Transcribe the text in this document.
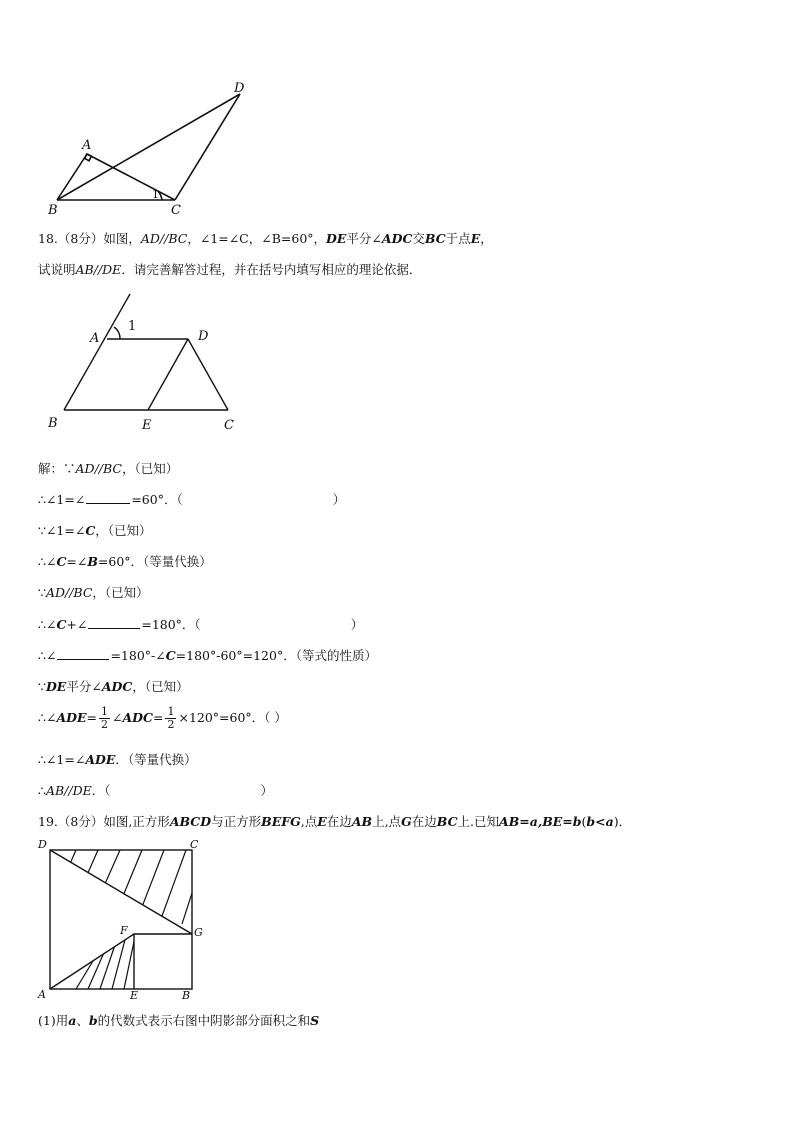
D
A
1
B	C
18.（8分）如图，AD//BC，∠1=∠C，∠B=60°，DE平分∠ADC交BC于点E，
试说明AB//DE．请完善解答过程，并在括号内填写相应的理论依据．
1
A	D
B	E	C
解：∵AD//BC，（已知）
∴∠1=∠	=60°．（	）
∵∠1=∠C，（已知）
∴∠C=∠B=60°．（等量代换）
∵AD//BC，（已知）
∴∠C+∠	=180°．（	）
∴∠	=180°-∠C=180°-60°=120°．（等式的性质）
∵DE平分∠ADC，（已知）
∴∠ADE= $\frac{1}{2}$ ∠ADC= $\frac{1}{2} \times 120^\circ=60^\circ$．（ ）
∴∠1=∠ADE．（等量代换）
∴AB//DE．（	）
19.（8分）如图,正方形ABCD与正方形BEFG,点E在边AB上,点G在边BC上.已知AB=a,BE=b(b<a)．
D	C
F	G
A	E	B
(1)用a、b的代数式表示右图中阴影部分面积之和S
